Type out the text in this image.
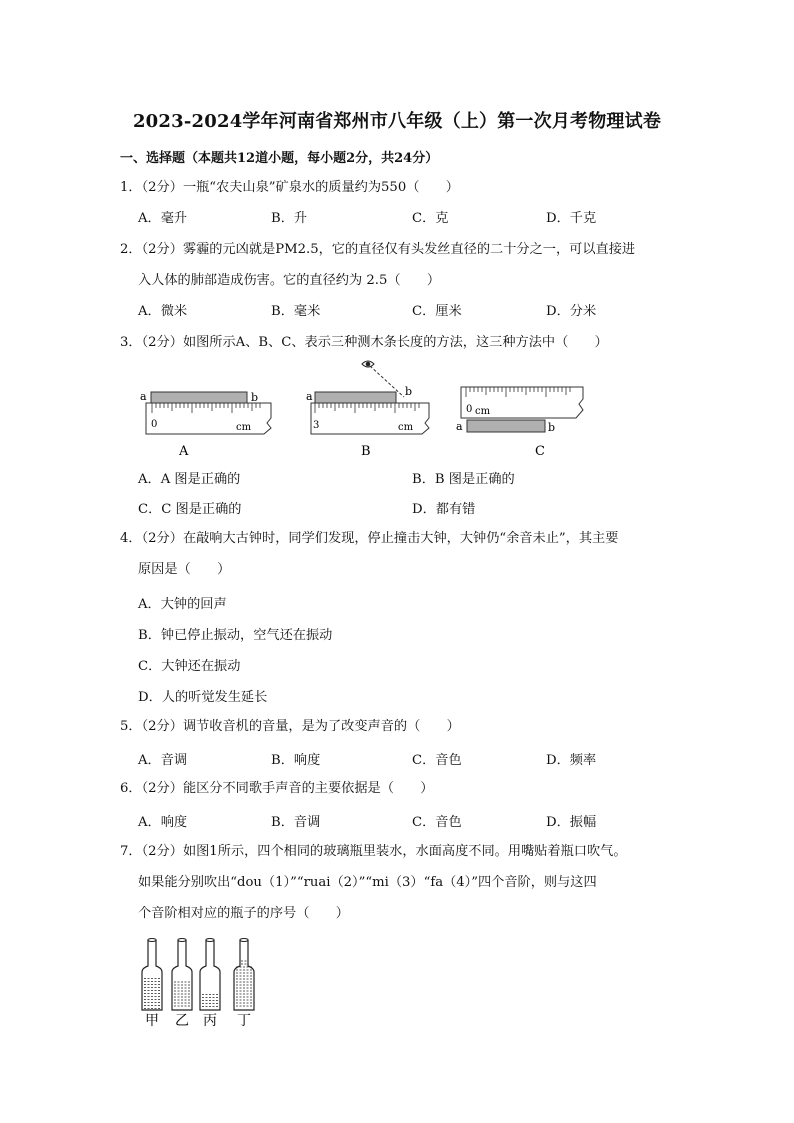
2023-2024学年河南省郑州市八年级（上）第一次月考物理试卷
一、选择题（本题共12道小题，每小题2分，共24分）
1．（2分）一瓶“农夫山泉”矿泉水的质量约为550（　　）
A．毫升	B．升	C．克	D．千克
2．（2分）雾霾的元凶就是PM2.5，它的直径仅有头发丝直径的二十分之一，可以直接进
入人体的肺部造成伤害。它的直径约为 2.5（　　）
A．微米	B．毫米	C．厘米	D．分米
3．（2分）如图所示A、B、C、表示三种测木条长度的方法，这三种方法中（　　）
a	b
0	cm
A
a	b
3	cm
B
a	b
0 cm
C
A．A 图是正确的	B．B 图是正确的
C．C 图是正确的	D．都有错
4．（2分）在敲响大古钟时，同学们发现，停止撞击大钟，大钟仍“余音未止”，其主要
原因是（　　）
A．大钟的回声
B．钟已停止振动，空气还在振动
C．大钟还在振动
D．人的听觉发生延长
5．（2分）调节收音机的音量，是为了改变声音的（　　）
A．音调	B．响度	C．音色	D．频率
6．（2分）能区分不同歌手声音的主要依据是（　　）
A．响度	B．音调	C．音色	D．振幅
7．（2分）如图1所示，四个相同的玻璃瓶里装水，水面高度不同。用嘴贴着瓶口吹气。
如果能分别吹出“dou（1）”“ruai（2）”“mi（3）“fa（4）”四个音阶，则与这四
个音阶相对应的瓶子的序号（　　）
甲 乙 丙 丁
